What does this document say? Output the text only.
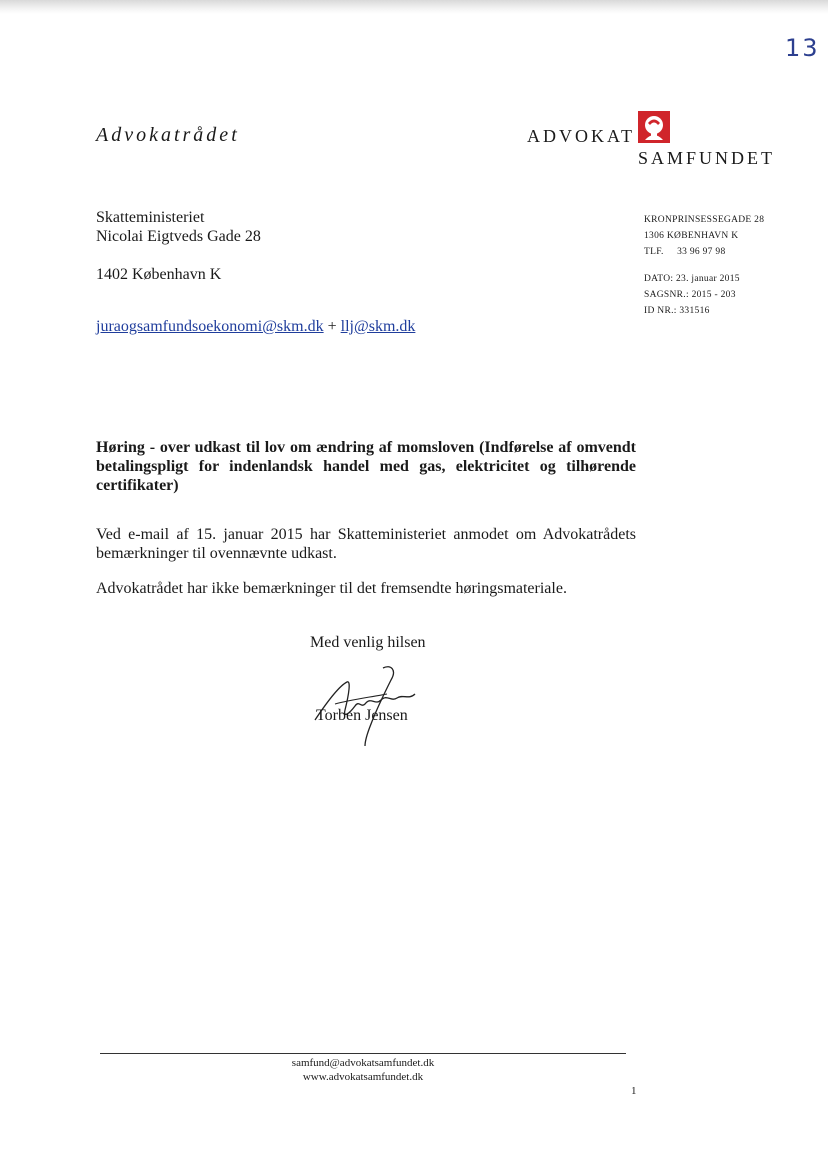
13
Advokatrådet	ADVOKAT
SAMFUNDET
Skatteministeriet
Nicolai Eigtveds Gade 28
1402 København K
juraogsamfundsoekonomi@skm.dk + llj@skm.dk
KRONPRINSESSEGADE 28
1306 KØBENHAVN K
TLF.     33 96 97 98
DATO: 23. januar 2015
SAGSNR.: 2015 - 203
ID NR.: 331516
Høring - over udkast til lov om ændring af momsloven (Indførelse af omvendt betalingspligt for indenlandsk handel med gas, elektricitet og tilhørende certifikater)
Ved e-mail af 15. januar 2015 har Skatteministeriet anmodet om Advokatrådets bemærkninger til ovennævnte udkast.
Advokatrådet har ikke bemærkninger til det fremsendte høringsmateriale.
Med venlig hilsen
Torben Jensen
samfund@advokatsamfundet.dk
www.advokatsamfundet.dk
1
